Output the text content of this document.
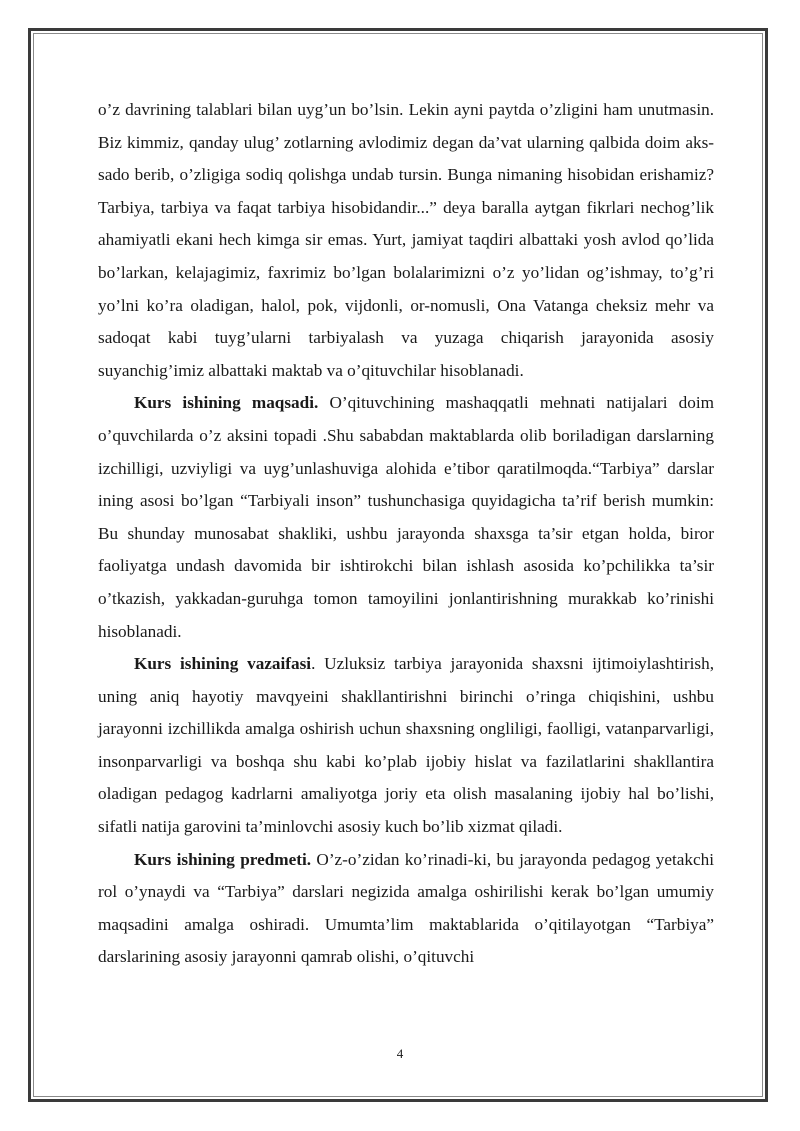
o’z davrining talablari bilan uyg’un bo’lsin. Lekin ayni paytda o’zligini ham unutmasin. Biz kimmiz, qanday ulug’ zotlarning avlodimiz degan da’vat ularning qalbida doim aks-sado berib, o’zligiga sodiq qolishga undab tursin. Bunga nimaning hisobidan erishamiz? Tarbiya, tarbiya va faqat tarbiya hisobidandir...” deya baralla aytgan fikrlari nechog’lik ahamiyatli ekani hech kimga sir emas. Yurt, jamiyat taqdiri albattaki yosh avlod qo’lida bo’larkan, kelajagimiz, faxrimiz bo’lgan bolalarimizni o’z yo’lidan og’ishmay, to’g’ri yo’lni ko’ra oladigan, halol, pok, vijdonli, or-nomusli, Ona Vatanga cheksiz mehr va sadoqat kabi tuyg’ularni tarbiyalash va yuzaga chiqarish jarayonida asosiy suyanchig’imiz albattaki maktab va o’qituvchilar hisoblanadi.

Kurs ishining maqsadi. O’qituvchining mashaqqatli mehnati natijalari doim o’quvchilarda o’z aksini topadi .Shu sababdan maktablarda olib boriladigan darslarning izchilligi, uzviyligi va uyg’unlashuviga alohida e’tibor qaratilmoqda.“Tarbiya” darslar ining asosi bo’lgan “Tarbiyali inson” tushunchasiga quyidagicha ta’rif berish mumkin: Bu shunday munosabat shakliki, ushbu jarayonda shaxsga ta’sir etgan holda, biror faoliyatga undash davomida bir ishtirokchi bilan ishlash asosida ko’pchilikka ta’sir o’tkazish, yakkadan-guruhga tomon tamoyilini jonlantirishning murakkab ko’rinishi hisoblanadi.

Kurs ishining vazaifasi. Uzluksiz tarbiya jarayonida shaxsni ijtimoiylashtirish, uning aniq hayotiy mavqyeini shakllantirishni birinchi o’ringa chiqishini, ushbu jarayonni izchillikda amalga oshirish uchun shaxsning ongliligi, faolligi, vatanparvarligi, insonparvarligi va boshqa shu kabi ko’plab ijobiy hislat va fazilatlarini shakllantira oladigan pedagog kadrlarni amaliyotga joriy eta olish masalaning ijobiy hal bo’lishi, sifatli natija garovini ta’minlovchi asosiy kuch bo’lib xizmat qiladi.

Kurs ishining predmeti. O’z-o’zidan ko’rinadi-ki, bu jarayonda pedagog yetakchi rol o’ynaydi va “Tarbiya” darslari negizida amalga oshirilishi kerak bo’lgan umumiy maqsadini amalga oshiradi. Umumta’lim maktablarida o’qitilayotgan “Tarbiya” darslarining asosiy jarayonni qamrab olishi, o’qituvchi

4
